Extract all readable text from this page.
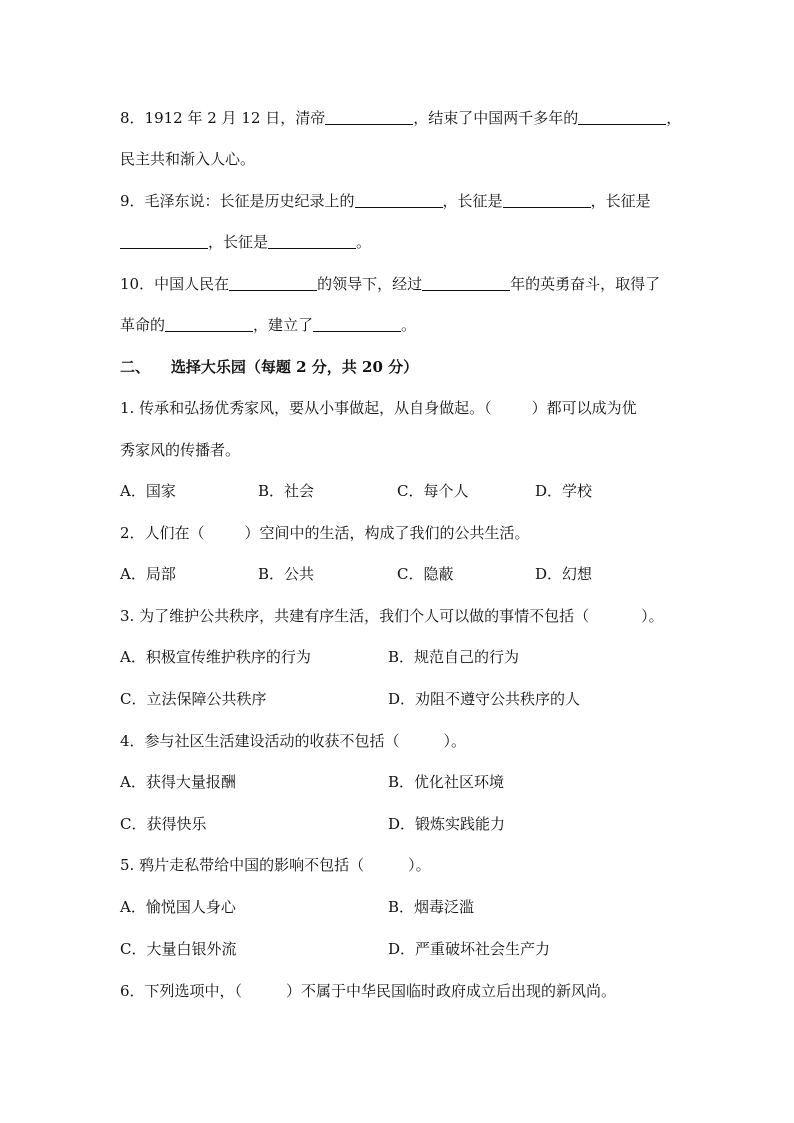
8．1912 年 2 月 12 日，清帝	，结束了中国两千多年的	，
民主共和渐入人心。
9．毛泽东说：长征是历史纪录上的	，长征是	，长征是
，长征是	。
10．中国人民在	的领导下，经过	年的英勇奋斗，取得了
革命的	，建立了	。
二、 选择大乐园（每题 2 分，共 20 分）
1. 传承和弘扬优秀家风，要从小事做起，从自身做起。（	）都可以成为优
秀家风的传播者。
A．国家	B．社会	C．每个人	D．学校
2．人们在（	）空间中的生活，构成了我们的公共生活。
A．局部	B．公共	C．隐蔽	D．幻想
3. 为了维护公共秩序，共建有序生活，我们个人可以做的事情不包括（	）。
A．积极宣传维护秩序的行为	B．规范自己的行为
C．立法保障公共秩序	D．劝阻不遵守公共秩序的人
4．参与社区生活建设活动的收获不包括（	）。
A．获得大量报酬	B．优化社区环境
C．获得快乐	D．锻炼实践能力
5. 鸦片走私带给中国的影响不包括（	）。
A．愉悦国人身心	B．烟毒泛滥
C．大量白银外流	D．严重破坏社会生产力
6．下列选项中，（	）不属于中华民国临时政府成立后出现的新风尚。
